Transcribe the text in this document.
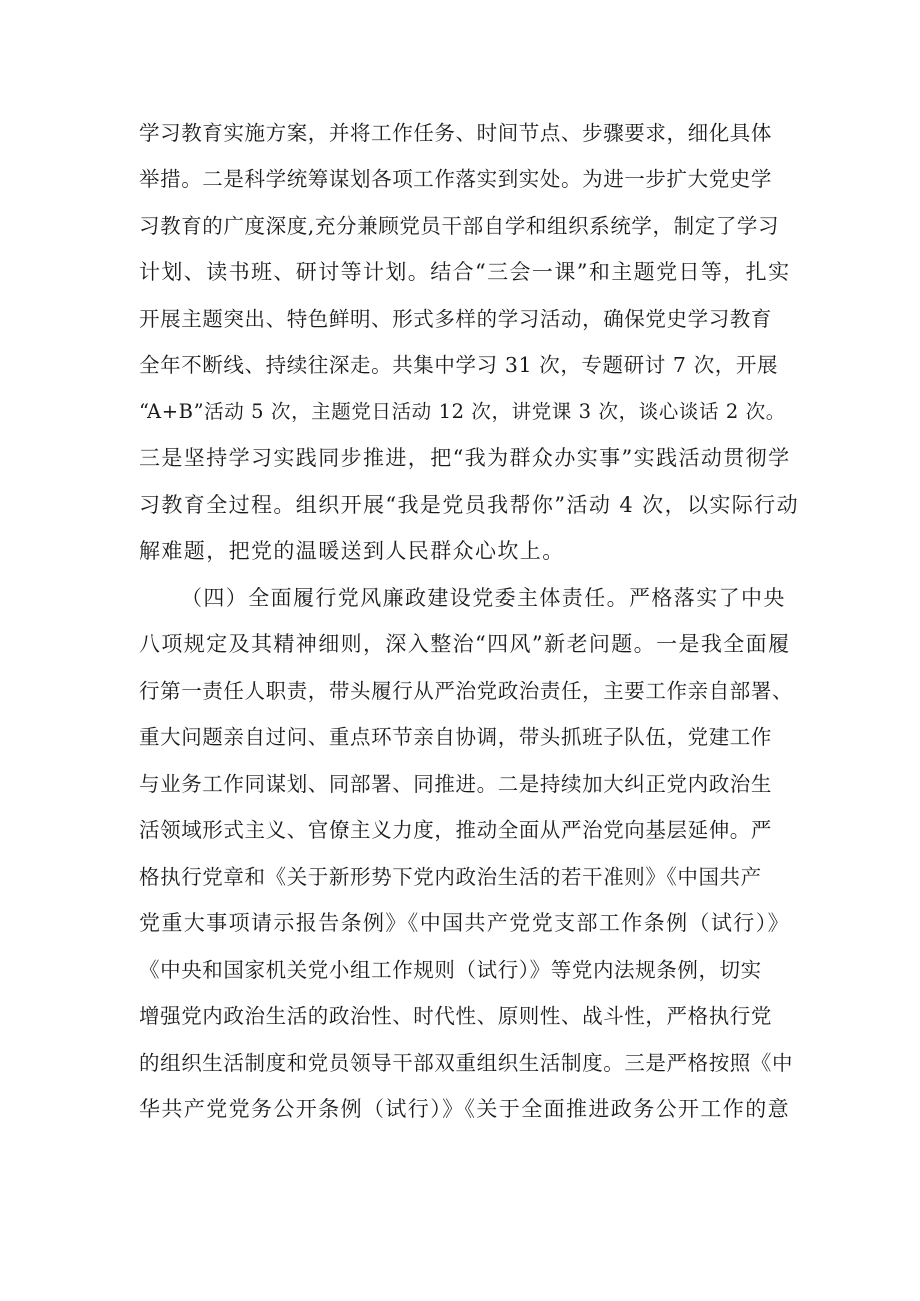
学习教育实施方案，并将工作任务、时间节点、步骤要求，细化具体
举措。二是科学统筹谋划各项工作落实到实处。为进一步扩大党史学
习教育的广度深度,充分兼顾党员干部自学和组织系统学，制定了学习
计划、读书班、研讨等计划。结合“三会一课”和主题党日等，扎实
开展主题突出、特色鲜明、形式多样的学习活动，确保党史学习教育
全年不断线、持续往深走。共集中学习 31 次，专题研讨 7 次，开展
“A+B”活动 5 次，主题党日活动 12 次，讲党课 3 次，谈心谈话 2 次。
三是坚持学习实践同步推进，把“我为群众办实事”实践活动贯彻学
习教育全过程。组织开展“我是党员我帮你”活动 4 次，以实际行动
解难题，把党的温暖送到人民群众心坎上。
（四）全面履行党风廉政建设党委主体责任。严格落实了中央
八项规定及其精神细则，深入整治“四风”新老问题。一是我全面履
行第一责任人职责，带头履行从严治党政治责任，主要工作亲自部署、
重大问题亲自过问、重点环节亲自协调，带头抓班子队伍，党建工作
与业务工作同谋划、同部署、同推进。二是持续加大纠正党内政治生
活领域形式主义、官僚主义力度，推动全面从严治党向基层延伸。严
格执行党章和《关于新形势下党内政治生活的若干准则》《中国共产
党重大事项请示报告条例》《中国共产党党支部工作条例（试行）》
《中央和国家机关党小组工作规则（试行）》等党内法规条例，切实
增强党内政治生活的政治性、时代性、原则性、战斗性，严格执行党
的组织生活制度和党员领导干部双重组织生活制度。三是严格按照《中
华共产党党务公开条例（试行）》《关于全面推进政务公开工作的意
